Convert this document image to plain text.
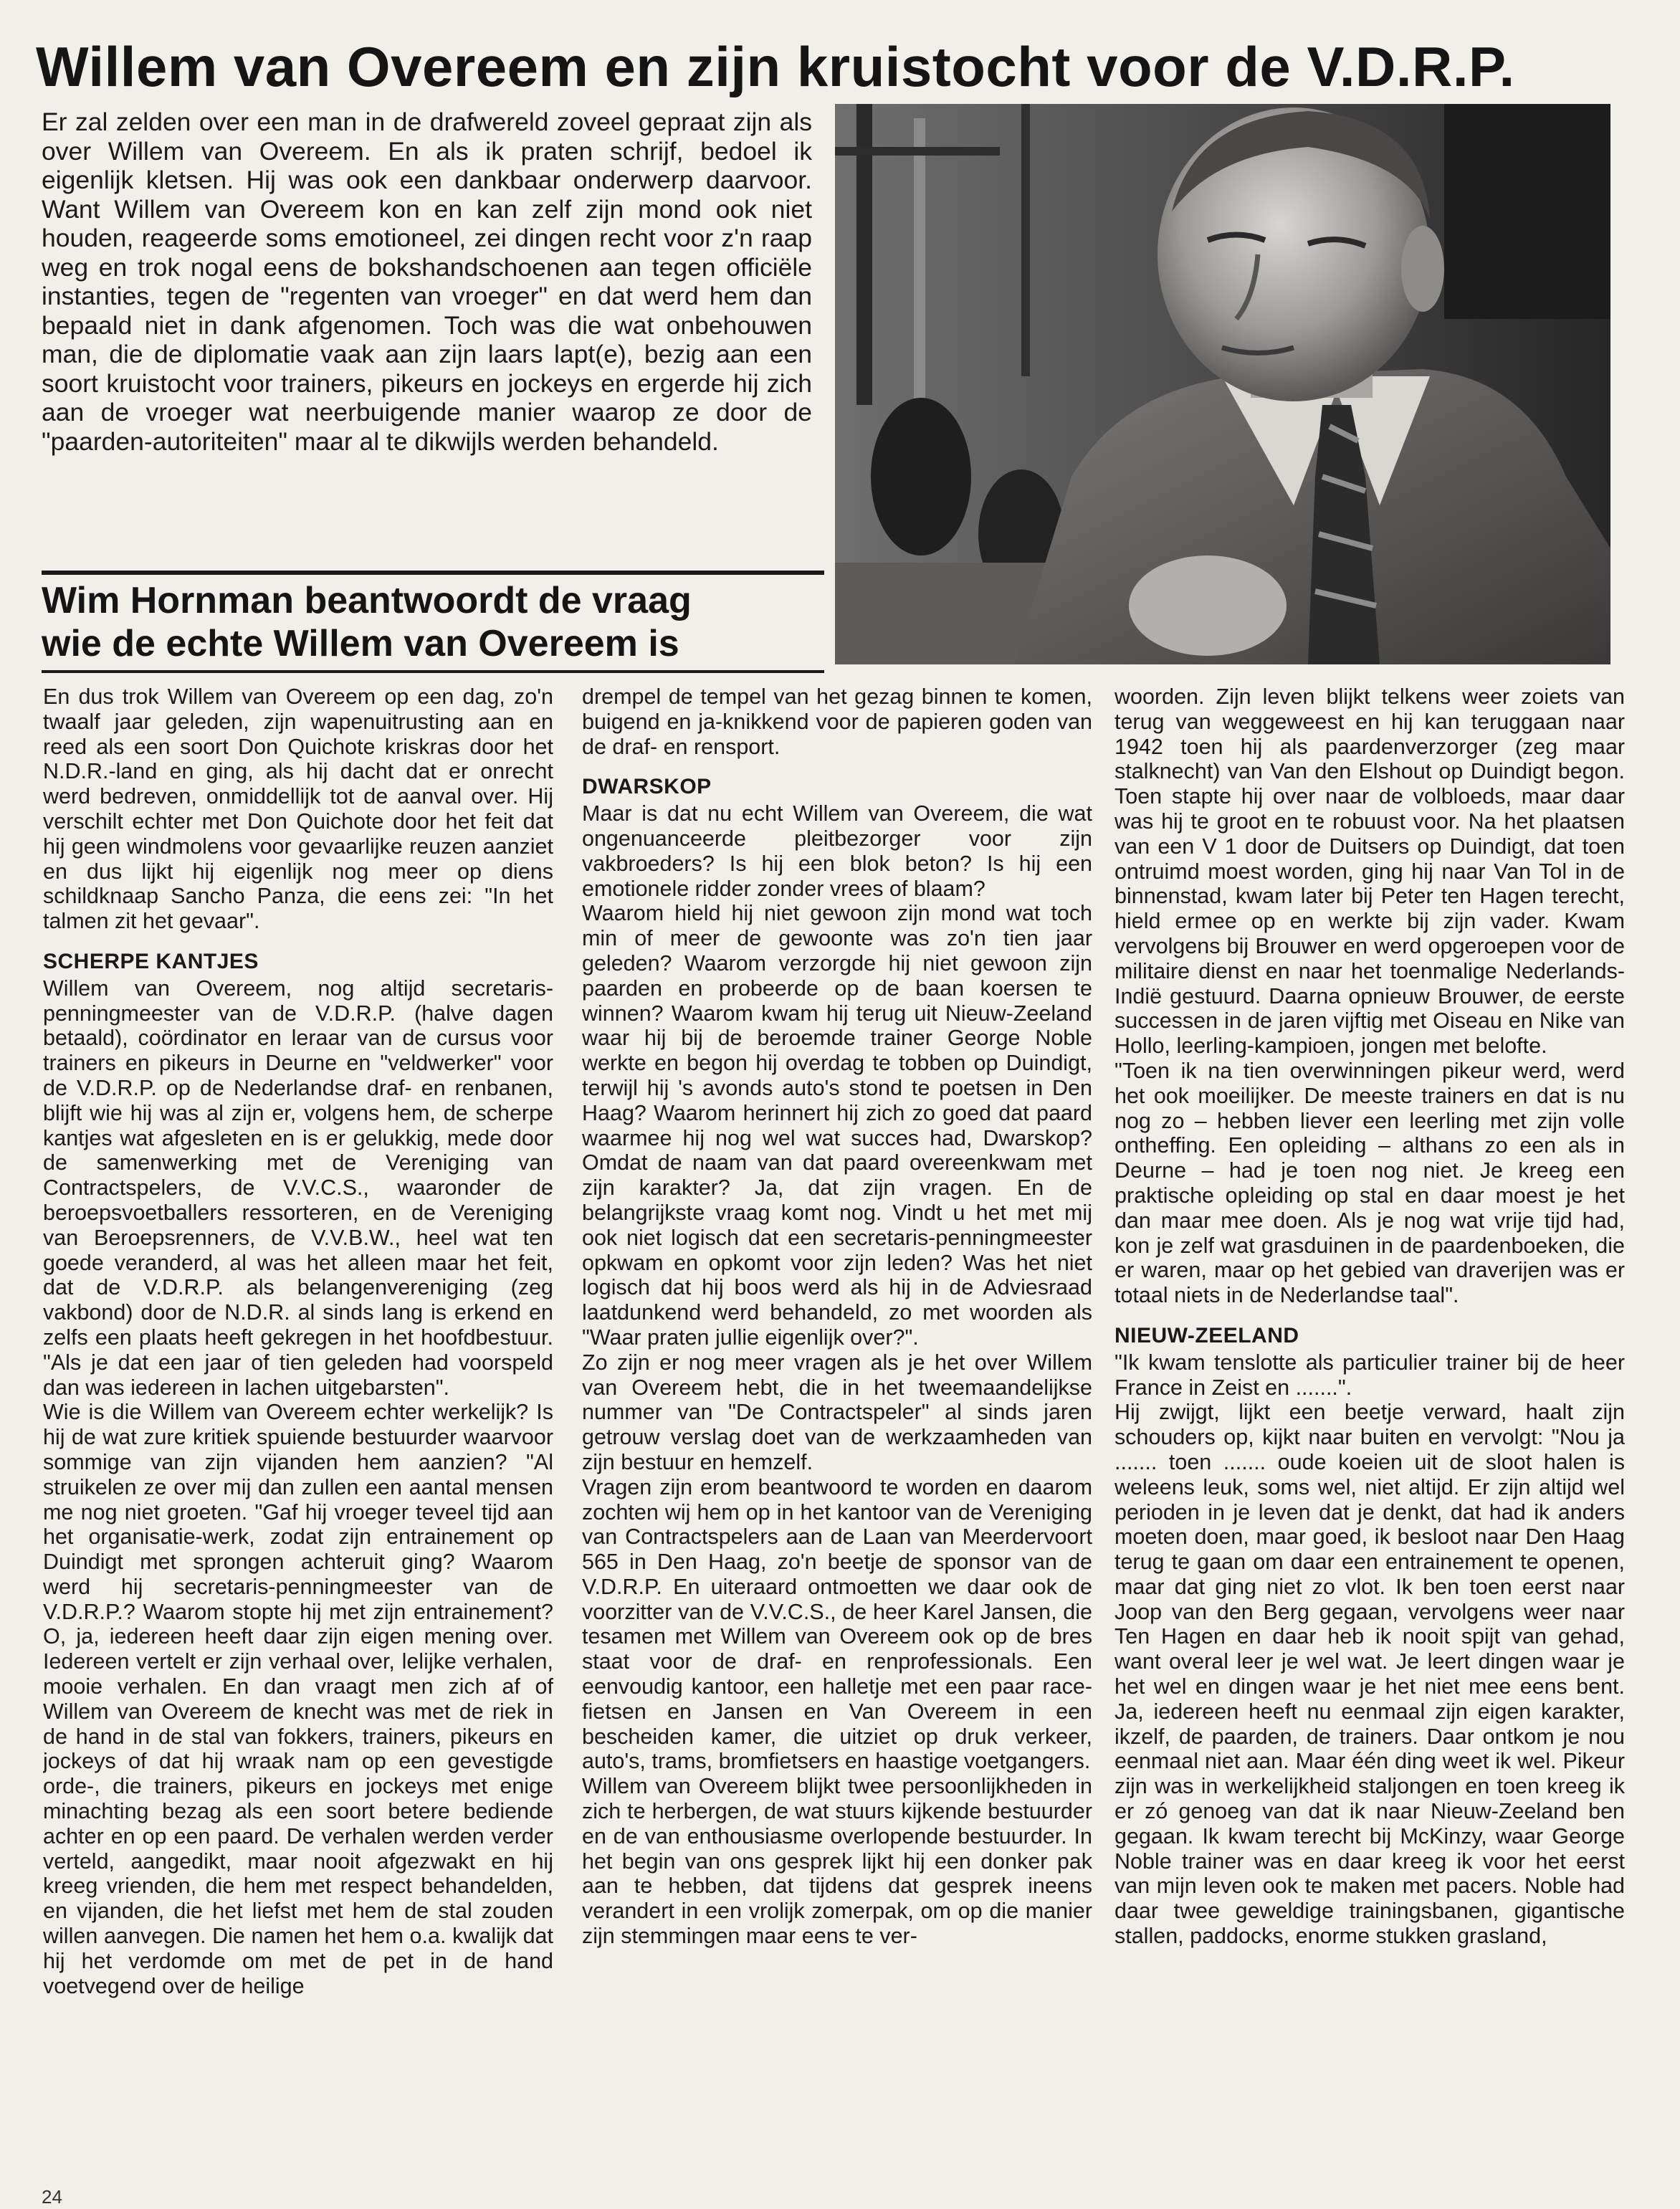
Willem van Overeem en zijn kruistocht voor de V.D.R.P.

Er zal zelden over een man in de drafwereld zoveel gepraat zijn als over Willem van Overeem. En als ik praten schrijf, bedoel ik eigenlijk kletsen. Hij was ook een dankbaar onderwerp daarvoor. Want Willem van Overeem kon en kan zelf zijn mond ook niet houden, reageerde soms emotioneel, zei dingen recht voor z'n raap weg en trok nogal eens de bokshandschoenen aan tegen officiële instanties, tegen de "regenten van vroeger" en dat werd hem dan bepaald niet in dank afgenomen. Toch was die wat onbehouwen man, die de diplomatie vaak aan zijn laars lapt(e), bezig aan een soort kruistocht voor trainers, pikeurs en jockeys en ergerde hij zich aan de vroeger wat neerbuigende manier waarop ze door de "paarden-autoriteiten" maar al te dikwijls werden behandeld.

Wim Hornman beantwoordt de vraag
wie de echte Willem van Overeem is

En dus trok Willem van Overeem op een dag, zo'n twaalf jaar geleden, zijn wapenuitrusting aan en reed als een soort Don Quichote kriskras door het N.D.R.-land en ging, als hij dacht dat er onrecht werd bedreven, onmiddellijk tot de aanval over. Hij verschilt echter met Don Quichote door het feit dat hij geen windmolens voor gevaarlijke reuzen aanziet en dus lijkt hij eigenlijk nog meer op diens schildknaap Sancho Panza, die eens zei: "In het talmen zit het gevaar".

SCHERPE KANTJES

Willem van Overeem, nog altijd secretaris-penningmeester van de V.D.R.P. (halve dagen betaald), coördinator en leraar van de cursus voor trainers en pikeurs in Deurne en "veldwerker" voor de V.D.R.P. op de Nederlandse draf- en renbanen, blijft wie hij was al zijn er, volgens hem, de scherpe kantjes wat afgesleten en is er gelukkig, mede door de samenwerking met de Vereniging van Contractspelers, de V.V.C.S., waaronder de beroepsvoetballers ressorteren, en de Vereniging van Beroepsrenners, de V.V.B.W., heel wat ten goede veranderd, al was het alleen maar het feit, dat de V.D.R.P. als belangenvereniging (zeg vakbond) door de N.D.R. al sinds lang is erkend en zelfs een plaats heeft gekregen in het hoofdbestuur. "Als je dat een jaar of tien geleden had voorspeld dan was iedereen in lachen uitgebarsten".

Wie is die Willem van Overeem echter werkelijk? Is hij de wat zure kritiek spuiende bestuurder waarvoor sommige van zijn vijanden hem aanzien? "Al struikelen ze over mij dan zullen een aantal mensen me nog niet groeten. "Gaf hij vroeger teveel tijd aan het organisatie-werk, zodat zijn entrainement op Duindigt met sprongen achteruit ging? Waarom werd hij secretaris-penningmeester van de V.D.R.P.? Waarom stopte hij met zijn entrainement? O, ja, iedereen heeft daar zijn eigen mening over. Iedereen vertelt er zijn verhaal over, lelijke verhalen, mooie verhalen. En dan vraagt men zich af of Willem van Overeem de knecht was met de riek in de hand in de stal van fokkers, trainers, pikeurs en jockeys of dat hij wraak nam op een gevestigde orde-, die trainers, pikeurs en jockeys met enige minachting bezag als een soort betere bediende achter en op een paard. De verhalen werden verder verteld, aangedikt, maar nooit afgezwakt en hij kreeg vrienden, die hem met respect behandelden, en vijanden, die het liefst met hem de stal zouden willen aanvegen. Die namen het hem o.a. kwalijk dat hij het verdomde om met de pet in de hand voetvegend over de heilige

drempel de tempel van het gezag binnen te komen, buigend en ja-knikkend voor de papieren goden van de draf- en rensport.

DWARSKOP

Maar is dat nu echt Willem van Overeem, die wat ongenuanceerde pleitbezorger voor zijn vakbroeders? Is hij een blok beton? Is hij een emotionele ridder zonder vrees of blaam?

Waarom hield hij niet gewoon zijn mond wat toch min of meer de gewoonte was zo'n tien jaar geleden? Waarom verzorgde hij niet gewoon zijn paarden en probeerde op de baan koersen te winnen? Waarom kwam hij terug uit Nieuw-Zeeland waar hij bij de beroemde trainer George Noble werkte en begon hij overdag te tobben op Duindigt, terwijl hij 's avonds auto's stond te poetsen in Den Haag? Waarom herinnert hij zich zo goed dat paard waarmee hij nog wel wat succes had, Dwarskop? Omdat de naam van dat paard overeenkwam met zijn karakter? Ja, dat zijn vragen. En de belangrijkste vraag komt nog. Vindt u het met mij ook niet logisch dat een secretaris-penningmeester opkwam en opkomt voor zijn leden? Was het niet logisch dat hij boos werd als hij in de Adviesraad laatdunkend werd behandeld, zo met woorden als "Waar praten jullie eigenlijk over?".

Zo zijn er nog meer vragen als je het over Willem van Overeem hebt, die in het tweemaandelijkse nummer van "De Contractspeler" al sinds jaren getrouw verslag doet van de werkzaamheden van zijn bestuur en hemzelf.

Vragen zijn erom beantwoord te worden en daarom zochten wij hem op in het kantoor van de Vereniging van Contractspelers aan de Laan van Meerdervoort 565 in Den Haag, zo'n beetje de sponsor van de V.D.R.P. En uiteraard ontmoetten we daar ook de voorzitter van de V.V.C.S., de heer Karel Jansen, die tesamen met Willem van Overeem ook op de bres staat voor de draf- en renprofessionals. Een eenvoudig kantoor, een halletje met een paar race-fietsen en Jansen en Van Overeem in een bescheiden kamer, die uitziet op druk verkeer, auto's, trams, bromfietsers en haastige voetgangers.

Willem van Overeem blijkt twee persoonlijkheden in zich te herbergen, de wat stuurs kijkende bestuurder en de van enthousiasme overlopende bestuurder. In het begin van ons gesprek lijkt hij een donker pak aan te hebben, dat tijdens dat gesprek ineens verandert in een vrolijk zomerpak, om op die manier zijn stemmingen maar eens te ver-

woorden. Zijn leven blijkt telkens weer zoiets van terug van weggeweest en hij kan teruggaan naar 1942 toen hij als paardenverzorger (zeg maar stalknecht) van Van den Elshout op Duindigt begon. Toen stapte hij over naar de volbloeds, maar daar was hij te groot en te robuust voor. Na het plaatsen van een V 1 door de Duitsers op Duindigt, dat toen ontruimd moest worden, ging hij naar Van Tol in de binnenstad, kwam later bij Peter ten Hagen terecht, hield ermee op en werkte bij zijn vader. Kwam vervolgens bij Brouwer en werd opgeroepen voor de militaire dienst en naar het toenmalige Nederlands-Indië gestuurd. Daarna opnieuw Brouwer, de eerste successen in de jaren vijftig met Oiseau en Nike van Hollo, leerling-kampioen, jongen met belofte.

"Toen ik na tien overwinningen pikeur werd, werd het ook moeilijker. De meeste trainers en dat is nu nog zo – hebben liever een leerling met zijn volle ontheffing. Een opleiding – althans zo een als in Deurne – had je toen nog niet. Je kreeg een praktische opleiding op stal en daar moest je het dan maar mee doen. Als je nog wat vrije tijd had, kon je zelf wat grasduinen in de paardenboeken, die er waren, maar op het gebied van draverijen was er totaal niets in de Nederlandse taal".

NIEUW-ZEELAND

"Ik kwam tenslotte als particulier trainer bij de heer France in Zeist en .......".

Hij zwijgt, lijkt een beetje verward, haalt zijn schouders op, kijkt naar buiten en vervolgt: "Nou ja ....... toen ....... oude koeien uit de sloot halen is weleens leuk, soms wel, niet altijd. Er zijn altijd wel perioden in je leven dat je denkt, dat had ik anders moeten doen, maar goed, ik besloot naar Den Haag terug te gaan om daar een entrainement te openen, maar dat ging niet zo vlot. Ik ben toen eerst naar Joop van den Berg gegaan, vervolgens weer naar Ten Hagen en daar heb ik nooit spijt van gehad, want overal leer je wel wat. Je leert dingen waar je het wel en dingen waar je het niet mee eens bent. Ja, iedereen heeft nu eenmaal zijn eigen karakter, ikzelf, de paarden, de trainers. Daar ontkom je nou eenmaal niet aan. Maar één ding weet ik wel. Pikeur zijn was in werkelijkheid staljongen en toen kreeg ik er zó genoeg van dat ik naar Nieuw-Zeeland ben gegaan. Ik kwam terecht bij McKinzy, waar George Noble trainer was en daar kreeg ik voor het eerst van mijn leven ook te maken met pacers. Noble had daar twee geweldige trainingsbanen, gigantische stallen, paddocks, enorme stukken grasland,

24
